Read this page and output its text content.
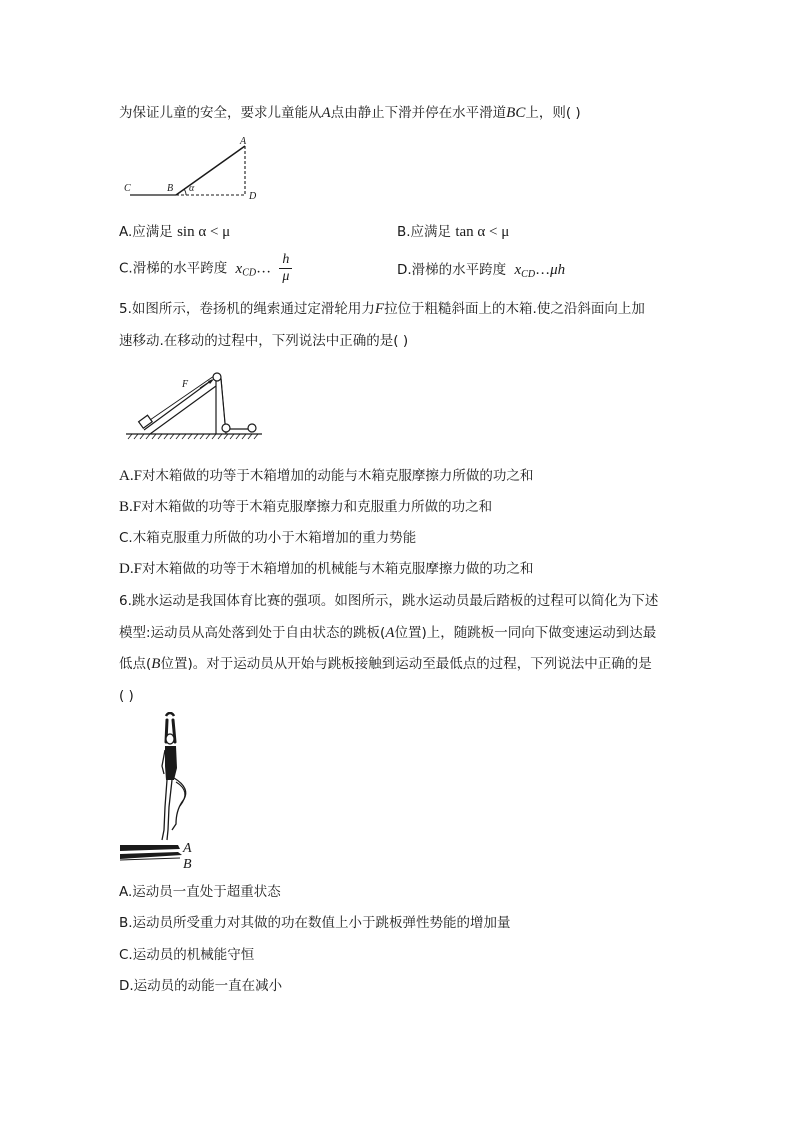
为保证儿童的安全，要求儿童能从A点由静止下滑并停在水平滑道BC上，则( )
A
B
C
D
α
A.应满足 sin α < μ	B.应满足 tan α < μ
C.滑梯的水平跨度 $x_{CD}\dots \frac{h}{\mu}$	D.滑梯的水平跨度 $x_{CD}\dots\mu h$
5.如图所示，卷扬机的绳索通过定滑轮用力F拉位于粗糙斜面上的木箱.使之沿斜面向上加
速移动.在移动的过程中，下列说法中正确的是( )
F
A.F对木箱做的功等于木箱增加的动能与木箱克服摩擦力所做的功之和
B.F对木箱做的功等于木箱克服摩擦力和克服重力所做的功之和
C.木箱克服重力所做的功小于木箱增加的重力势能
D.F对木箱做的功等于木箱增加的机械能与木箱克服摩擦力做的功之和
6.跳水运动是我国体育比赛的强项。如图所示，跳水运动员最后踏板的过程可以简化为下述
模型:运动员从高处落到处于自由状态的跳板(A位置)上，随跳板一同向下做变速运动到达最
低点(B位置)。对于运动员从开始与跳板接触到运动至最低点的过程，下列说法中正确的是
( )
A
B
A.运动员一直处于超重状态
B.运动员所受重力对其做的功在数值上小于跳板弹性势能的增加量
C.运动员的机械能守恒
D.运动员的动能一直在减小
